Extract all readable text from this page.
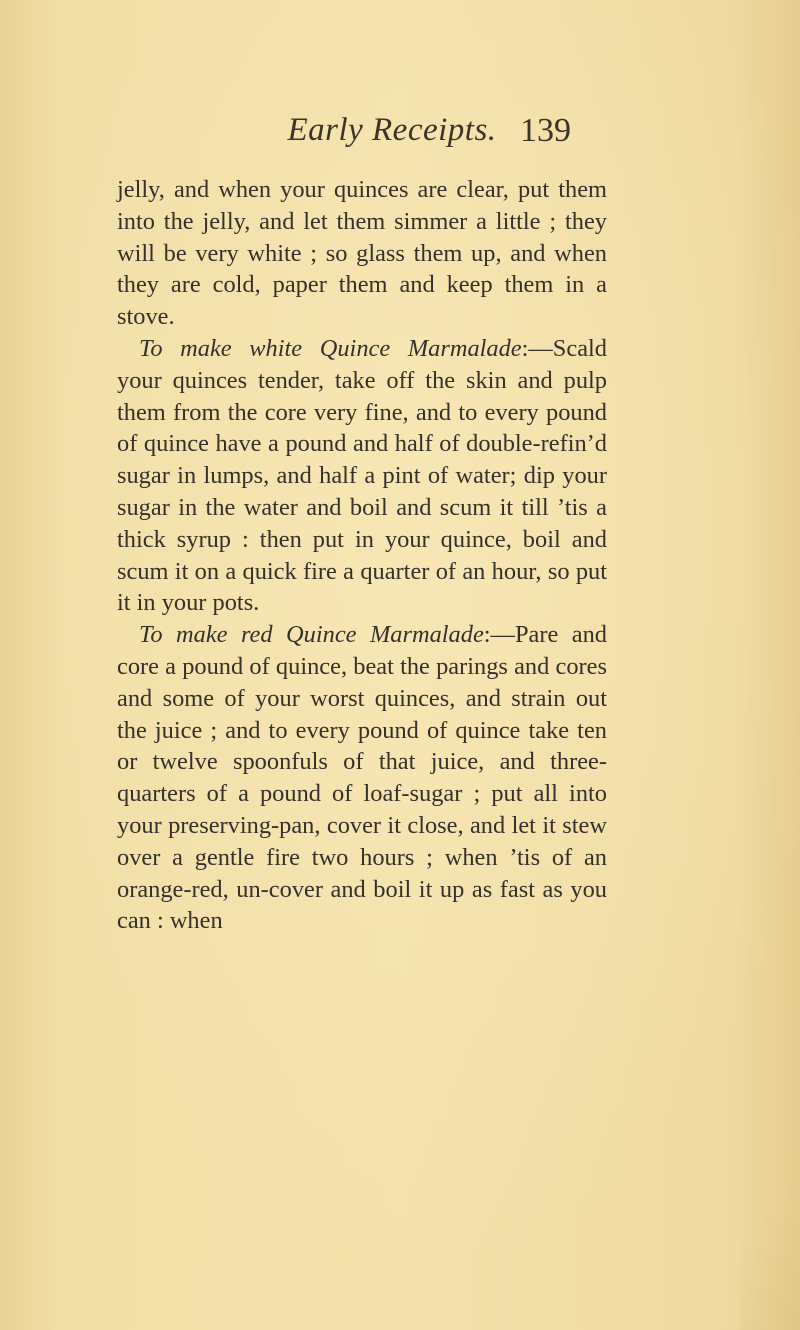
Early Receipts. 139

jelly, and when your quinces are clear, put them into the jelly, and let them simmer a little ; they will be very white ; so glass them up, and when they are cold, paper them and keep them in a stove.

To make white Quince Marmalade:—Scald your quinces tender, take off the skin and pulp them from the core very fine, and to every pound of quince have a pound and half of double-refin’d sugar in lumps, and half a pint of water; dip your sugar in the water and boil and scum it till ’tis a thick syrup : then put in your quince, boil and scum it on a quick fire a quarter of an hour, so put it in your pots.

To make red Quince Marmalade:—Pare and core a pound of quince, beat the parings and cores and some of your worst quinces, and strain out the juice ; and to every pound of quince take ten or twelve spoonfuls of that juice, and three-quarters of a pound of loaf-sugar ; put all into your preserving-pan, cover it close, and let it stew over a gentle fire two hours ; when ’tis of an orange-red, un-cover and boil it up as fast as you can : when
